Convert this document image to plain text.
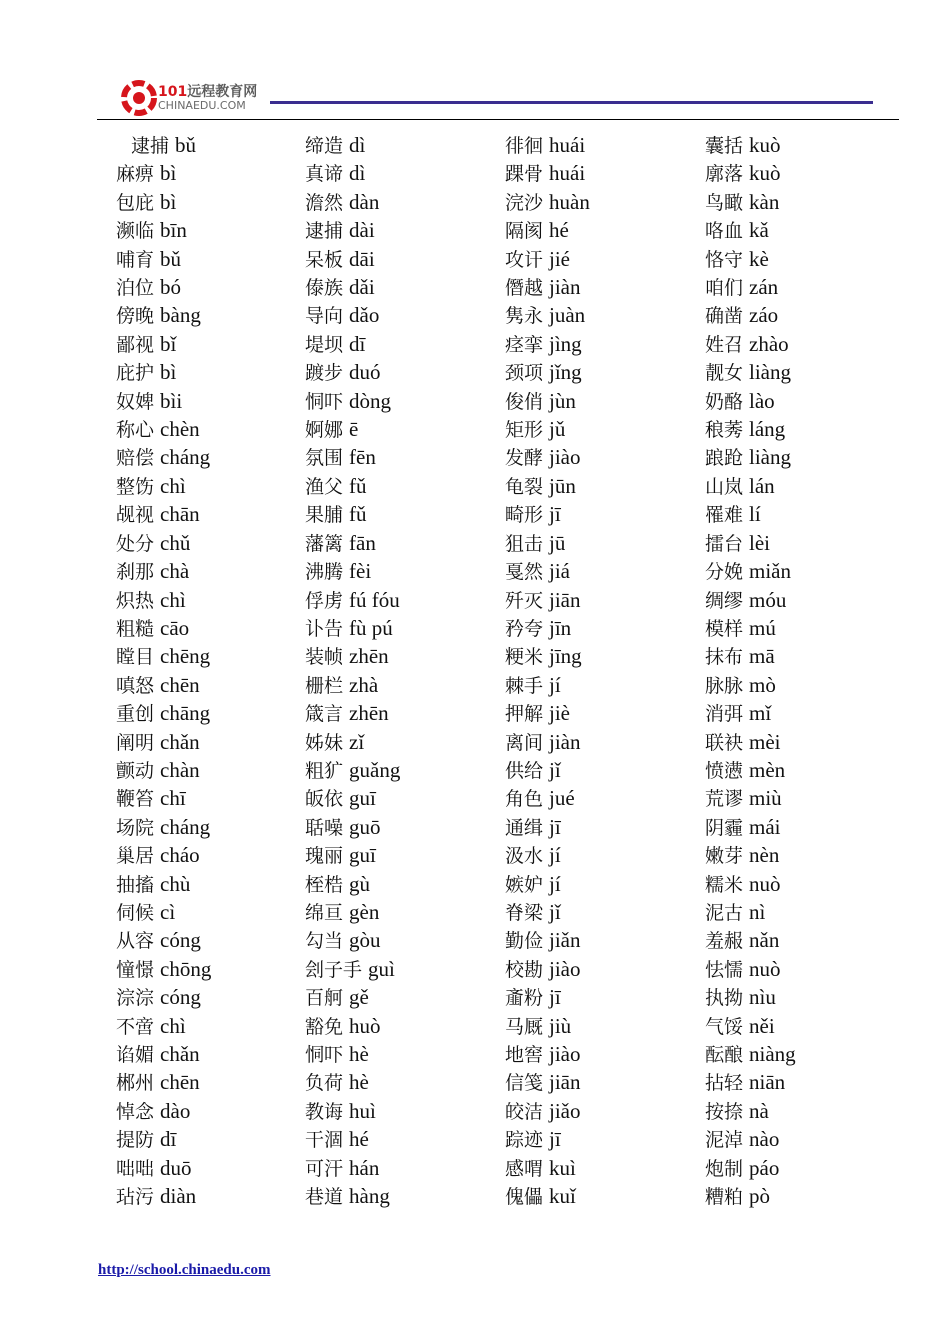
101远程教育网
CHINAEDU.COM
逮捕 bǔ
麻痹 bì
包庇 bì
濒临 bīn
哺育 bǔ
泊位 bó
傍晚 bàng
鄙视 bǐ
庇护 bì
奴婢 bìi
称心 chèn
赔偿 cháng
整饬 chì
觇视 chān
处分 chǔ
刹那 chà
炽热 chì
粗糙 cāo
瞠目 chēng
嗔怒 chēn
重创 chāng
阐明 chǎn
颤动 chàn
鞭笞 chī
场院 cháng
巢居 cháo
抽搐 chù
伺候 cì
从容 cóng
憧憬 chōng
淙淙 cóng
不啻 chì
谄媚 chǎn
郴州 chēn
悼念 dào
提防 dī
咄咄 duō
玷污 diàn
缔造 dì
真谛 dì
澹然 dàn
逮捕 dài
呆板 dāi
傣族 dǎi
导向 dǎo
堤坝 dī
踱步 duó
恫吓 dòng
婀娜 ē
氛围 fēn
渔父 fǔ
果脯 fǔ
藩篱 fān
沸腾 fèi
俘虏 fú fóu
讣告 fù pú
装帧 zhēn
栅栏 zhà
箴言 zhēn
姊妹 zǐ
粗犷 guǎng
皈依 guī
聒噪 guō
瑰丽 guī
桎梏 gù
绵亘 gèn
勾当 gòu
刽子手 guì
百舸 gě
豁免 huò
恫吓 hè
负荷 hè
教诲 huì
干涸 hé
可汗 hán
巷道 hàng
徘徊 huái
踝骨 huái
浣沙 huàn
隔阂 hé
攻讦 jié
僭越 jiàn
隽永 juàn
痉挛 jìng
颈项 jǐng
俊俏 jùn
矩形 jǔ
发酵 jiào
龟裂 jūn
畸形 jī
狙击 jū
戛然 jiá
歼灭 jiān
矜夸 jīn
粳米 jīng
棘手 jí
押解 jiè
离间 jiàn
供给 jǐ
角色 jué
通缉 jī
汲水 jí
嫉妒 jí
脊梁 jǐ
勤俭 jiǎn
校勘 jiào
齑粉 jī
马厩 jiù
地窖 jiào
信笺 jiān
皎洁 jiǎo
踪迹 jī
感喟 kuì
傀儡 kuǐ
囊括 kuò
廓落 kuò
鸟瞰 kàn
咯血 kǎ
恪守 kè
咱们 zán
确凿 záo
姓召 zhào
靓女 liàng
奶酪 lào
稂莠 láng
踉跄 liàng
山岚 lán
罹难 lí
擂台 lèi
分娩 miǎn
绸缪 móu
模样 mú
抹布 mā
脉脉 mò
消弭 mǐ
联袂 mèi
愤懑 mèn
荒谬 miù
阴霾 mái
嫩芽 nèn
糯米 nuò
泥古 nì
羞赧 nǎn
怯懦 nuò
执拗 nìu
气馁 něi
酝酿 niàng
拈轻 niān
按捺 nà
泥淖 nào
炮制 páo
糟粕 pò
http://school.chinaedu.com
